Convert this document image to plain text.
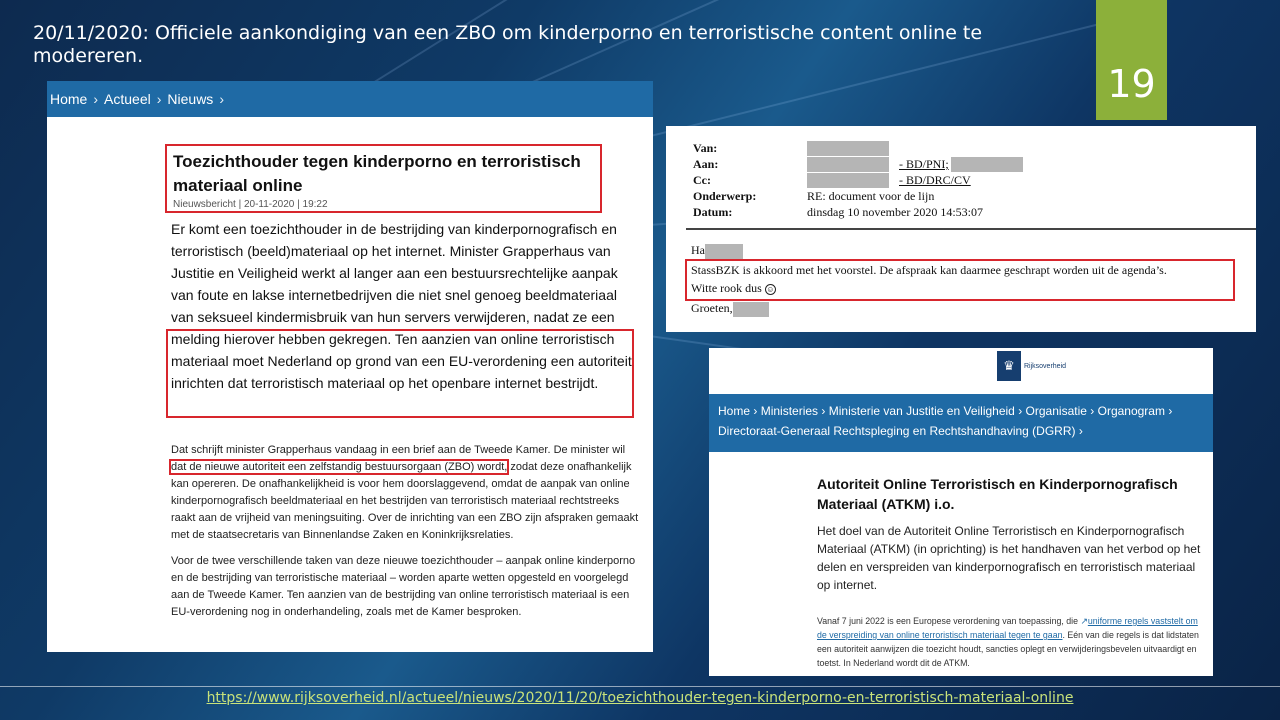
20/11/2020: Officiele aankondiging van een ZBO om kinderporno en terroristische content online te modereren.
19
Home › Actueel › Nieuws ›
Toezichthouder tegen kinderporno en terroristisch materiaal online
Nieuwsbericht | 20-11-2020 | 19:22
Er komt een toezichthouder in de bestrijding van kinderpornografisch en terroristisch (beeld)materiaal op het internet. Minister Grapperhaus van Justitie en Veiligheid werkt al langer aan een bestuursrechtelijke aanpak van foute en lakse internetbedrijven die niet snel genoeg beeldmateriaal van seksueel kindermisbruik van hun servers verwijderen, nadat ze een melding hierover hebben gekregen. Ten aanzien van online terroristisch materiaal moet Nederland op grond van een EU-verordening een autoriteit inrichten dat terroristisch materiaal op het openbare internet bestrijdt.

Dat schrijft minister Grapperhaus vandaag in een brief aan de Tweede Kamer. De minister wil dat de nieuwe autoriteit een zelfstandig bestuursorgaan (ZBO) wordt, zodat deze onafhankelijk kan opereren. De onafhankelijkheid is voor hem doorslaggevend, omdat de aanpak van online kinderpornografisch beeldmateriaal en het bestrijden van terroristisch materiaal rechtstreeks raakt aan de vrijheid van meningsuiting. Over de inrichting van een ZBO zijn afspraken gemaakt met de staatsecretaris van Binnenlandse Zaken en Koninkrijksrelaties.

Voor de twee verschillende taken van deze nieuwe toezichthouder – aanpak online kinderporno en de bestrijding van terroristische materiaal – worden aparte wetten opgesteld en voorgelegd aan de Tweede Kamer. Ten aanzien van de bestrijding van online terroristisch materiaal is een EU-verordening nog in onderhandeling, zoals met de Kamer besproken.

Van:
Aan:	- BD/PNI;
Cc:	- BD/DRC/CV
Onderwerp:	RE: document voor de lijn
Datum:	dinsdag 10 november 2020 14:53:07
Ha
StassBZK is akkoord met het voorstel. De afspraak kan daarmee geschrapt worden uit de agenda’s.
Witte rook dus ☺
Groeten,
♛	Rijksoverheid
Home › Ministeries › Ministerie van Justitie en Veiligheid › Organisatie › Organogram ›
Directoraat-Generaal Rechtspleging en Rechtshandhaving (DGRR) ›
Autoriteit Online Terroristisch en Kinderpornografisch Materiaal (ATKM) i.o.
Het doel van de Autoriteit Online Terroristisch en Kinderpornografisch Materiaal (ATKM) (in oprichting) is het handhaven van het verbod op het delen en verspreiden van kinderpornografisch en terroristisch materiaal op internet.
Vanaf 7 juni 2022 is een Europese verordening van toepassing, die ↗uniforme regels vaststelt om de verspreiding van online terroristisch materiaal tegen te gaan. Eén van die regels is dat lidstaten een autoriteit aanwijzen die toezicht houdt, sancties oplegt en verwijderingsbevelen uitvaardigt en toetst. In Nederland wordt dit de ATKM.
https://www.rijksoverheid.nl/actueel/nieuws/2020/11/20/toezichthouder-tegen-kinderporno-en-terroristisch-materiaal-online
